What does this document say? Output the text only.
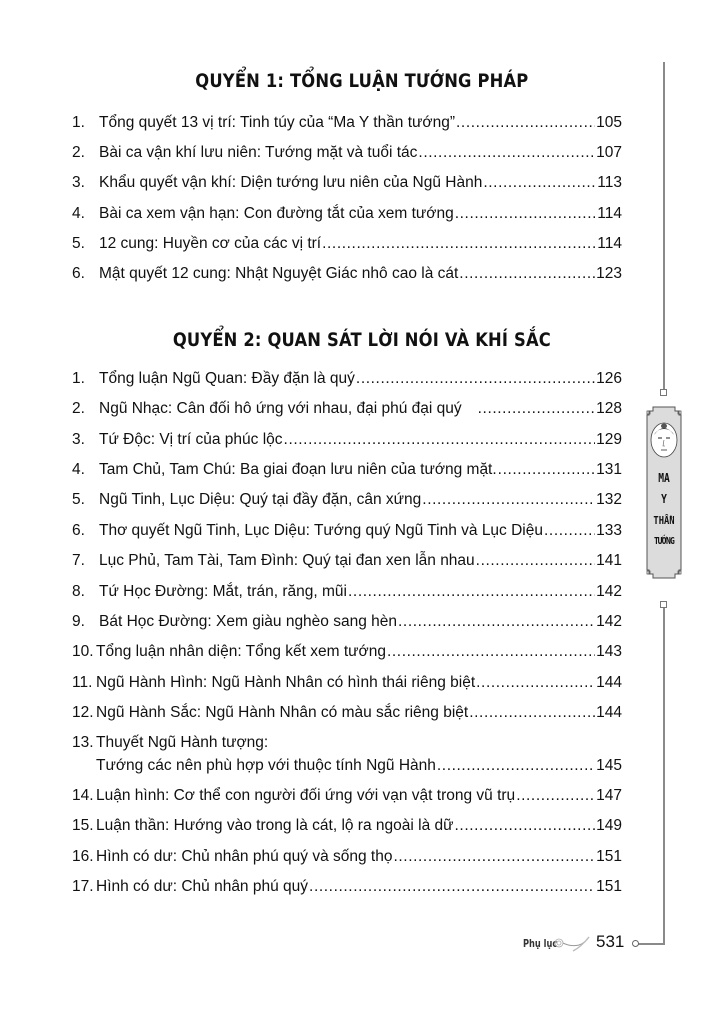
QUYỂN 1: TỔNG LUẬN TƯỚNG PHÁP
1. Tổng quyết 13 vị trí: Tinh túy của “Ma Y thần tướng” .....	105
2. Bài ca vận khí lưu niên: Tướng mặt và tuổi tác .....	107
3. Khẩu quyết vận khí: Diện tướng lưu niên của Ngũ Hành .....	113
4. Bài ca xem vận hạn: Con đường tắt của xem tướng .....	114
5. 12 cung: Huyền cơ của các vị trí .....	114
6. Mật quyết 12 cung: Nhật Nguyệt Giác nhô cao là cát .....	123
QUYỂN 2: QUAN SÁT LỜI NÓI VÀ KHÍ SẮC
1. Tổng luận Ngũ Quan: Đầy đặn là quý .....	126
2. Ngũ Nhạc: Cân đối hô ứng với nhau, đại phú đại quý .....	128
3. Tứ Độc: Vị trí của phúc lộc .....	129
4. Tam Chủ, Tam Chú: Ba giai đoạn lưu niên của tướng mặt. .....	131
5. Ngũ Tinh, Lục Diệu: Quý tại đầy đặn, cân xứng .....	132
6. Thơ quyết Ngũ Tinh, Lục Diệu: Tướng quý Ngũ Tinh và Lục Diệu .....	133
7. Lục Phủ, Tam Tài, Tam Đình: Quý tại đan xen lẫn nhau .....	141
8. Tứ Học Đường: Mắt, trán, răng, mũi .....	142
9. Bát Học Đường: Xem giàu nghèo sang hèn .....	142
10. Tổng luận nhân diện: Tổng kết xem tướng .....	143
11. Ngũ Hành Hình: Ngũ Hành Nhân có hình thái riêng biệt .....	144
12. Ngũ Hành Sắc: Ngũ Hành Nhân có màu sắc riêng biệt .....	144
13. Thuyết Ngũ Hành tượng:
Tướng các nên phù hợp với thuộc tính Ngũ Hành .....	145
14. Luận hình: Cơ thể con người đối ứng với vạn vật trong vũ trụ .....	147
15. Luận thần: Hướng vào trong là cát, lộ ra ngoài là dữ .....	149
16. Hình có dư: Chủ nhân phú quý và sống thọ .....	151
17. Hình có dư: Chủ nhân phú quý .....	151
MA
Y
THẦN
TƯỚNG
Phụ lục 531
